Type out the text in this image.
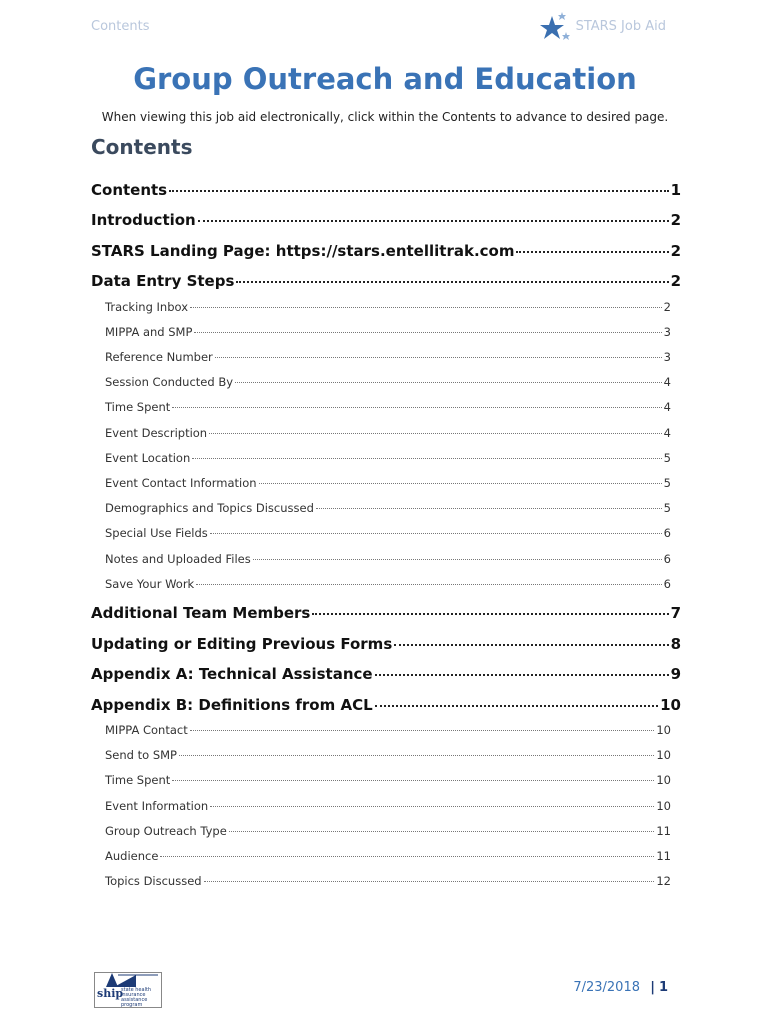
Contents	STARS Job Aid
Group Outreach and Education
When viewing this job aid electronically, click within the Contents to advance to desired page.
Contents
Contents	1
Introduction	2
STARS Landing Page: https://stars.entellitrak.com	2
Data Entry Steps	2
Tracking Inbox	2
MIPPA and SMP	3
Reference Number	3
Session Conducted By	4
Time Spent	4
Event Description	4
Event Location	5
Event Contact Information	5
Demographics and Topics Discussed	5
Special Use Fields	6
Notes and Uploaded Files	6
Save Your Work	6
Additional Team Members	7
Updating or Editing Previous Forms	8
Appendix A: Technical Assistance	9
Appendix B: Definitions from ACL	10
MIPPA Contact	10
Send to SMP	10
Time Spent	10
Event Information	10
Group Outreach Type	11
Audience	11
Topics Discussed	12
ship
state health insurance
assistance program
7/23/2018 | 1
